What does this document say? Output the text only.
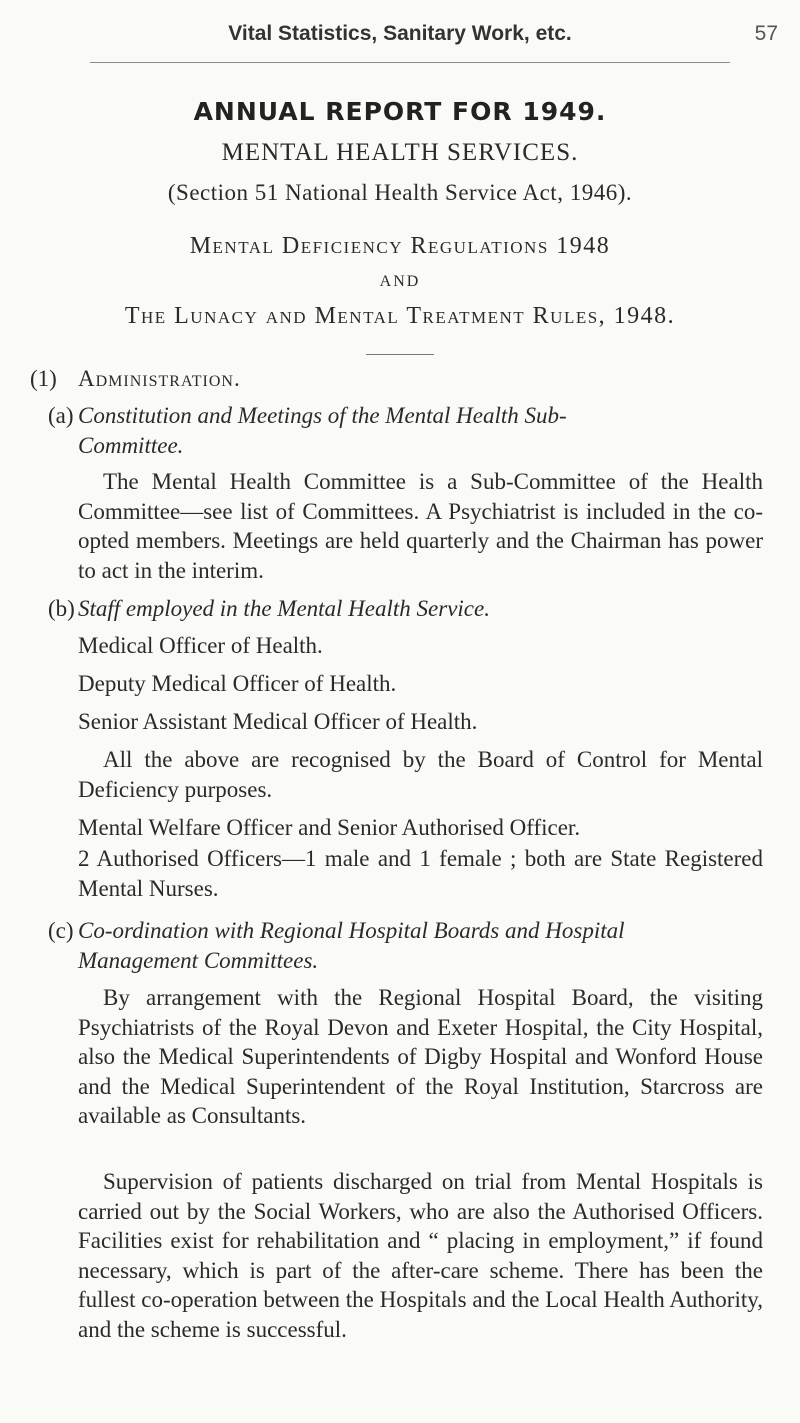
Vital Statistics, Sanitary Work, etc.	57
ANNUAL REPORT FOR 1949.
MENTAL HEALTH SERVICES.
(Section 51 National Health Service Act, 1946).
Mental Deficiency Regulations 1948
AND
The Lunacy and Mental Treatment Rules, 1948.
(1) Administration.
(a) Constitution and Meetings of the Mental Health Sub-
Committee.
The Mental Health Committee is a Sub-Committee of the Health Committee—see list of Committees. A Psychiatrist is included in the co-opted members. Meetings are held quarterly and the Chairman has power to act in the interim.
(b) Staff employed in the Mental Health Service.
Medical Officer of Health.
Deputy Medical Officer of Health.
Senior Assistant Medical Officer of Health.
All the above are recognised by the Board of Control for Mental Deficiency purposes.
Mental Welfare Officer and Senior Authorised Officer.
2 Authorised Officers—1 male and 1 female ; both are State Registered Mental Nurses.
(c) Co-ordination with Regional Hospital Boards and Hospital
Management Committees.
By arrangement with the Regional Hospital Board, the visiting Psychiatrists of the Royal Devon and Exeter Hospital, the City Hospital, also the Medical Superintendents of Digby Hospital and Wonford House and the Medical Superintendent of the Royal Institution, Starcross are available as Consultants.
Supervision of patients discharged on trial from Mental Hospitals is carried out by the Social Workers, who are also the Authorised Officers. Facilities exist for rehabilitation and “ placing in employment,” if found necessary, which is part of the after-care scheme. There has been the fullest co-operation between the Hospitals and the Local Health Authority, and the scheme is successful.
